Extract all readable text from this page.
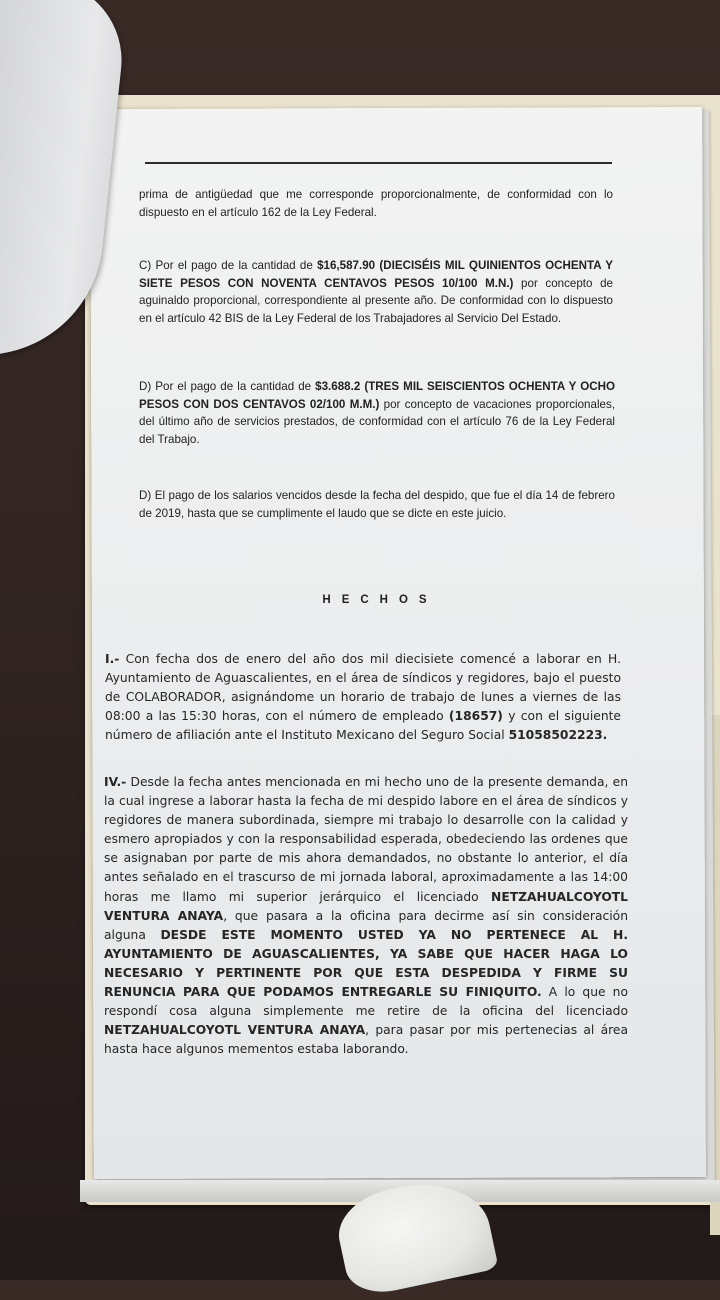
prima de antigüedad que me corresponde proporcionalmente, de conformidad con lo dispuesto en el artículo 162 de la Ley Federal.

C) Por el pago de la cantidad de $16,587.90 (DIECISÉIS MIL QUINIENTOS OCHENTA Y SIETE PESOS CON NOVENTA CENTAVOS PESOS 10/100 M.N.) por concepto de aguinaldo proporcional, correspondiente al presente año. De conformidad con lo dispuesto en el artículo 42 BIS de la Ley Federal de los Trabajadores al Servicio Del Estado.

D) Por el pago de la cantidad de $3.688.2 (TRES MIL SEISCIENTOS OCHENTA Y OCHO PESOS CON DOS CENTAVOS 02/100 M.M.) por concepto de vacaciones proporcionales, del último año de servicios prestados, de conformidad con el artículo 76 de la Ley Federal del Trabajo.

D) El pago de los salarios vencidos desde la fecha del despido, que fue el día 14 de febrero de 2019, hasta que se cumplimente el laudo que se dicte en este juicio.

HECHOS

I.- Con fecha dos de enero del año dos mil diecisiete comencé a laborar en H. Ayuntamiento de Aguascalientes, en el área de síndicos y regidores, bajo el puesto de COLABORADOR, asignándome un horario de trabajo de lunes a viernes de las 08:00 a las 15:30 horas, con el número de empleado (18657) y con el siguiente número de afiliación ante el Instituto Mexicano del Seguro Social 51058502223.

IV.- Desde la fecha antes mencionada en mi hecho uno de la presente demanda, en la cual ingrese a laborar hasta la fecha de mi despido labore en el área de síndicos y regidores de manera subordinada, siempre mi trabajo lo desarrolle con la calidad y esmero apropiados y con la responsabilidad esperada, obedeciendo las ordenes que se asignaban por parte de mis ahora demandados, no obstante lo anterior, el día antes señalado en el trascurso de mi jornada laboral, aproximadamente a las 14:00 horas me llamo mi superior jerárquico el licenciado NETZAHUALCOYOTL VENTURA ANAYA, que pasara a la oficina para decirme así sin consideración alguna DESDE ESTE MOMENTO USTED YA NO PERTENECE AL H. AYUNTAMIENTO DE AGUASCALIENTES, YA SABE QUE HACER HAGA LO NECESARIO Y PERTINENTE POR QUE ESTA DESPEDIDA Y FIRME SU RENUNCIA PARA QUE PODAMOS ENTREGARLE SU FINIQUITO. A lo que no respondí cosa alguna simplemente me retire de la oficina del licenciado NETZAHUALCOYOTL VENTURA ANAYA, para pasar por mis pertenecias al área hasta hace algunos mementos estaba laborando.
